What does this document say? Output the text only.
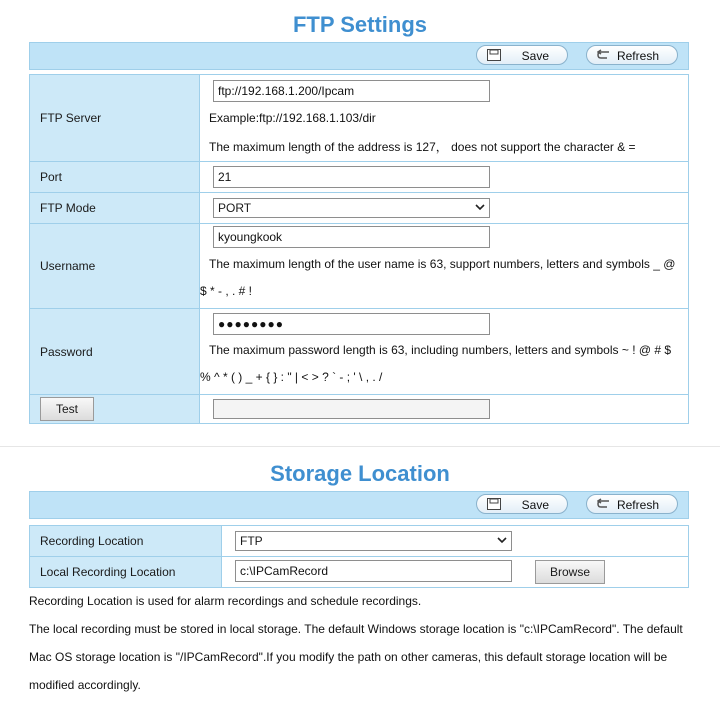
FTP Settings
Save	Refresh
FTP Server	ftp://192.168.1.200/Ipcam
Example:ftp://192.168.1.103/dir
The maximum length of the address is 127， does not support the character & =

Port	21

FTP Mode	PORT

Username	kyoungkook
The maximum length of the user name is 63, support numbers, letters and symbols _ @
$ * - , . # !

Password	●●●●●●●●
The maximum password length is 63, including numbers, letters and symbols ~ ! @ # $
% ^ * ( ) _ + { } : " | < > ? ` - ; ' \ , . /

Test	

Storage Location
Save	Refresh
Recording Location	FTP

Local Recording Location	c:\IPCamRecord Browse
Recording Location is used for alarm recordings and schedule recordings.
The local recording must be stored in local storage. The default Windows storage location is "c:\IPCamRecord". The default
Mac OS storage location is "/IPCamRecord".If you modify the path on other cameras, this default storage location will be
modified accordingly.
